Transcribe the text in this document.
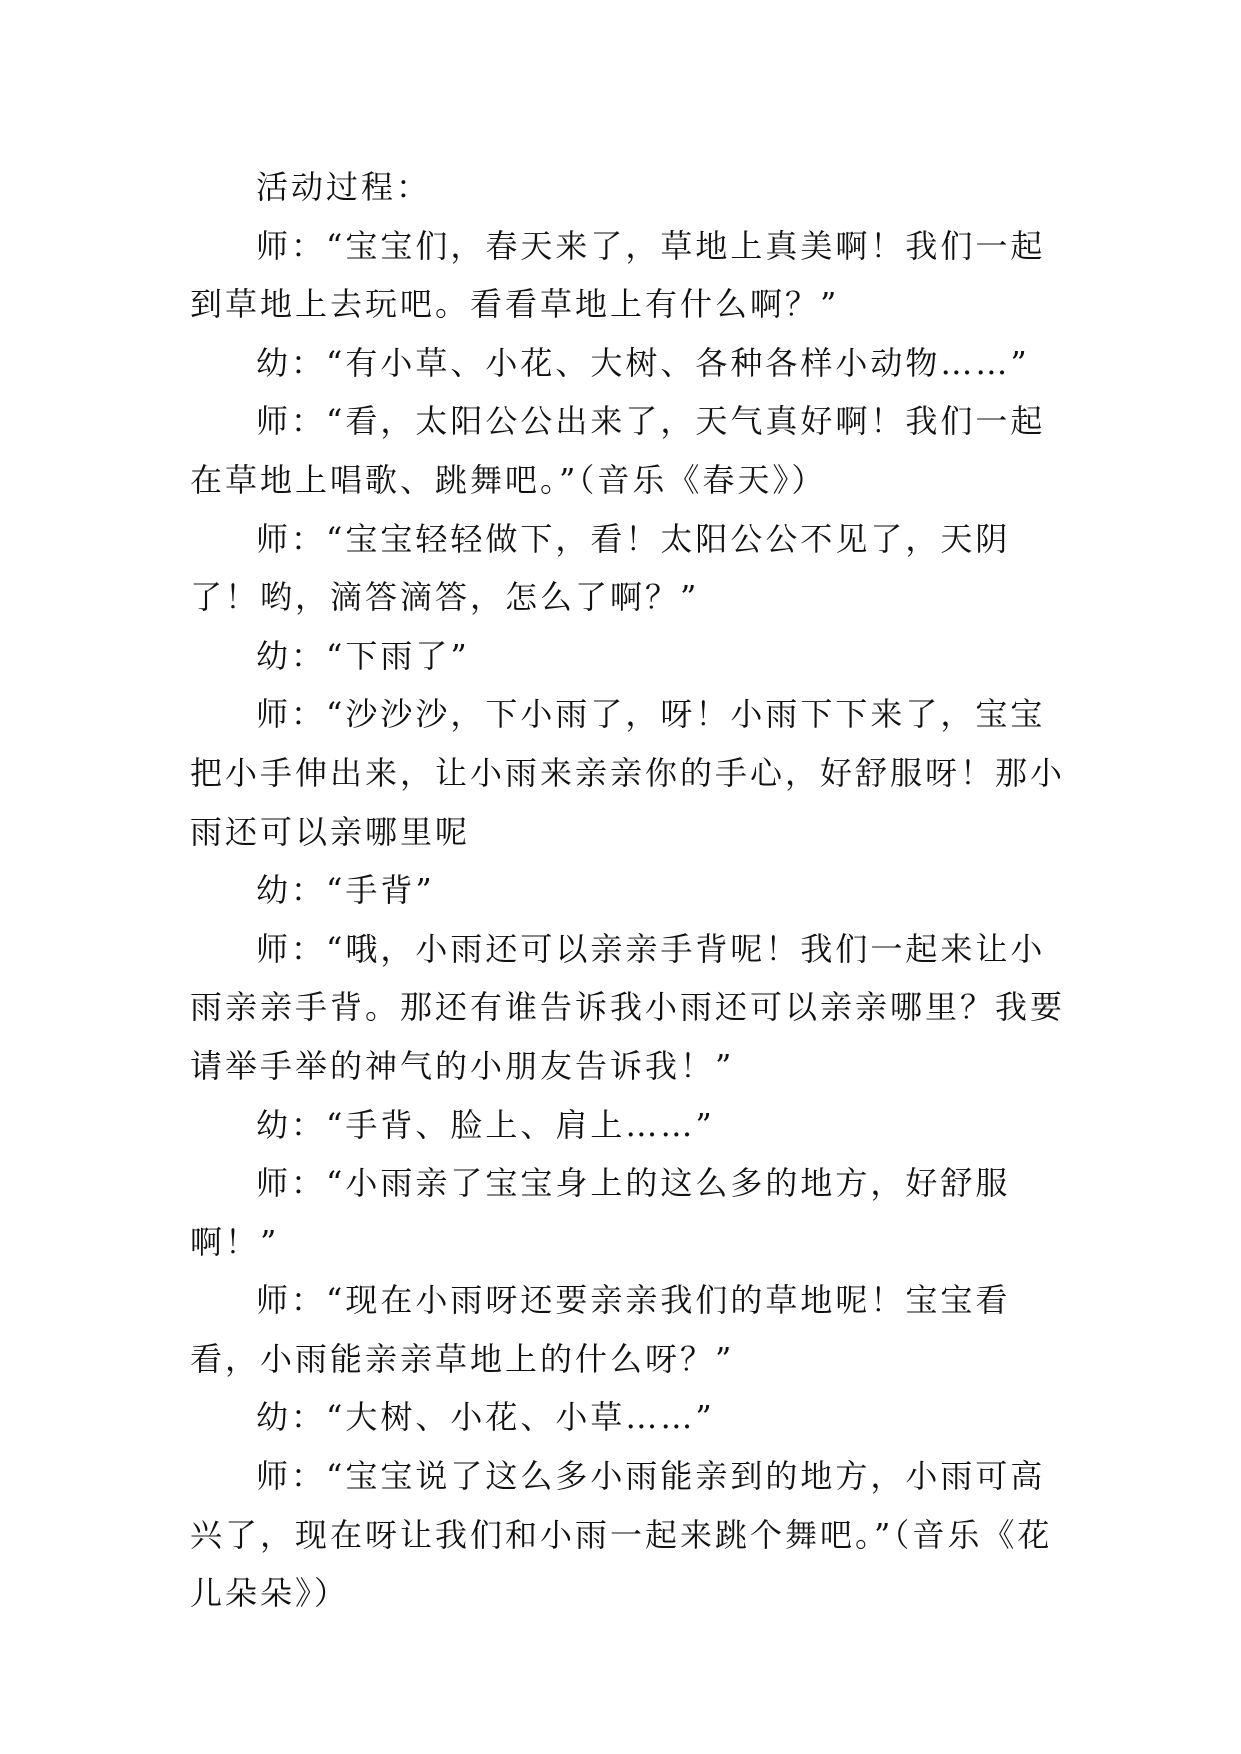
活动过程：

师：“宝宝们，春天来了，草地上真美啊！我们一起到草地上去玩吧。看看草地上有什么啊？”

幼：“有小草、小花、大树、各种各样小动物……”

师：“看，太阳公公出来了，天气真好啊！我们一起在草地上唱歌、跳舞吧。”（音乐《春天》）

师：“宝宝轻轻做下，看！太阳公公不见了，天阴了！哟，滴答滴答，怎么了啊？”

幼：“下雨了”

师：“沙沙沙，下小雨了，呀！小雨下下来了，宝宝把小手伸出来，让小雨来亲亲你的手心，好舒服呀！那小雨还可以亲哪里呢

幼：“手背”

师：“哦，小雨还可以亲亲手背呢！我们一起来让小雨亲亲手背。那还有谁告诉我小雨还可以亲亲哪里？我要请举手举的神气的小朋友告诉我！”

幼：“手背、脸上、肩上……”

师：“小雨亲了宝宝身上的这么多的地方，好舒服啊！”

师：“现在小雨呀还要亲亲我们的草地呢！宝宝看看，小雨能亲亲草地上的什么呀？”

幼：“大树、小花、小草……”

师：“宝宝说了这么多小雨能亲到的地方，小雨可高兴了，现在呀让我们和小雨一起来跳个舞吧。”（音乐《花儿朵朵》）
